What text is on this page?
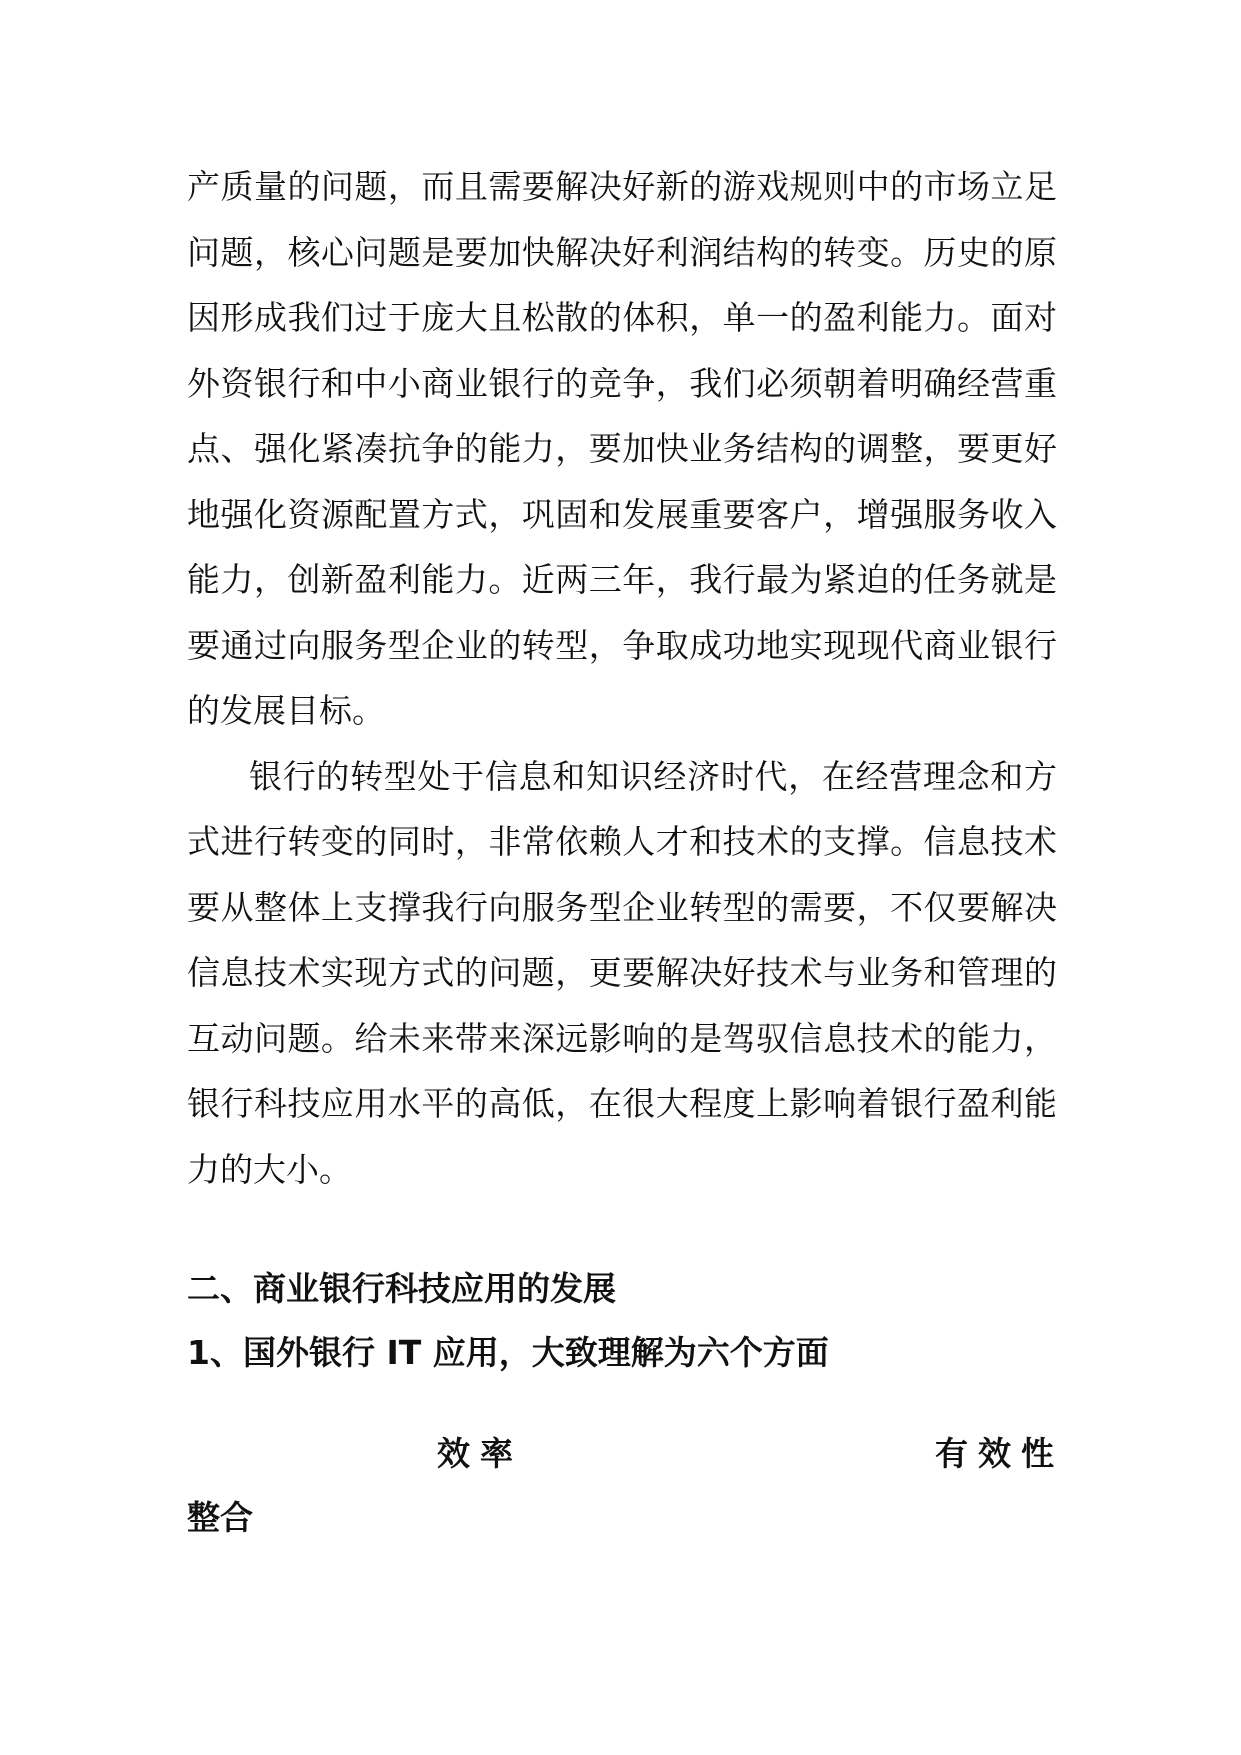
产质量的问题，而且需要解决好新的游戏规则中的市场立足
问题，核心问题是要加快解决好利润结构的转变。历史的原
因形成我们过于庞大且松散的体积，单一的盈利能力。面对
外资银行和中小商业银行的竞争，我们必须朝着明确经营重
点、强化紧凑抗争的能力，要加快业务结构的调整，要更好
地强化资源配置方式，巩固和发展重要客户，增强服务收入
能力，创新盈利能力。近两三年，我行最为紧迫的任务就是
要通过向服务型企业的转型，争取成功地实现现代商业银行
的发展目标。
银行的转型处于信息和知识经济时代，在经营理念和方
式进行转变的同时，非常依赖人才和技术的支撑。信息技术
要从整体上支撑我行向服务型企业转型的需要，不仅要解决
信息技术实现方式的问题，更要解决好技术与业务和管理的
互动问题。给未来带来深远影响的是驾驭信息技术的能力，
银行科技应用水平的高低，在很大程度上影响着银行盈利能
力的大小。
二、商业银行科技应用的发展
1、国外银行 IT 应用，大致理解为六个方面
效率	有效性
整合
